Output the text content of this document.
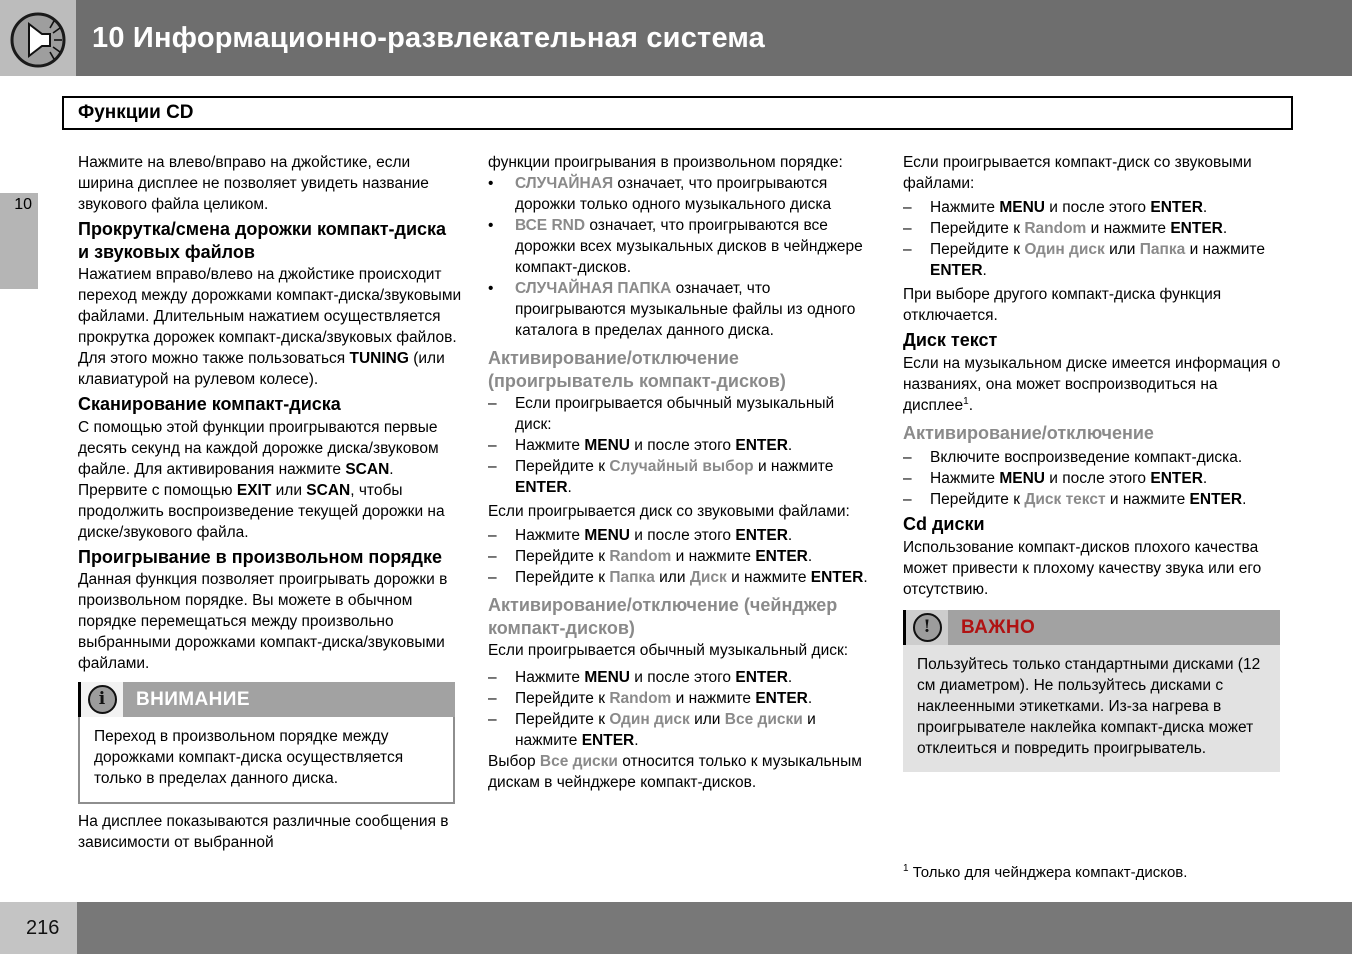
10 Информационно-развлекательная система
Функции CD
10

Нажмите на влево/вправо на джойстике, если ширина дисплее не позволяет увидеть название звукового файла целиком.

Прокрутка/смена дорожки компакт-диска и звуковых файлов

Нажатием вправо/влево на джойстике происходит переход между дорожками компакт-диска/звуковыми файлами. Длительным нажатием осуществляется прокрутка дорожек компакт-диска/звуковых файлов. Для этого можно также пользоваться TUNING (или клавиатурой на рулевом колесе).

Сканирование компакт-диска

С помощью этой функции проигрываются первые десять секунд на каждой дорожке диска/звуковом файле. Для активирования нажмите SCAN. Прервите с помощью EXIT или SCAN, чтобы продолжить воспроизведение текущей дорожки на диске/звукового файла.

Проигрывание в произвольном порядке

Данная функция позволяет проигрывать дорожки в произвольном порядке. Вы можете в обычном порядке перемещаться между произвольно выбранными дорожками компакт-диска/звуковыми файлами.

i	ВНИМАНИЕ
Переход в произвольном порядке между дорожками компакт-диска осуществляется только в пределах данного диска.

На дисплее показываются различные сообщения в зависимости от выбранной

функции проигрывания в произвольном порядке:

•	СЛУЧАЙНАЯ означает, что проигрываются дорожки только одного музыкального диска
•	ВСЕ RND означает, что проигрываются все дорожки всех музыкальных дисков в чейнджере компакт-дисков.
•	СЛУЧАЙНАЯ ПАПКА означает, что проигрываются музыкальные файлы из одного каталога в пределах данного диска.
Активирование/отключение (проигрыватель компакт-дисков)
–	Если проигрывается обычный музыкальный диск:
–	Нажмите MENU и после этого ENTER.
–	Перейдите к Случайный выбор и нажмите ENTER.

Если проигрывается диск со звуковыми файлами:

–	Нажмите MENU и после этого ENTER.
–	Перейдите к Random и нажмите ENTER.
–	Перейдите к Папка или Диск и нажмите ENTER.
Активирование/отключение (чейнджер компакт-дисков)

Если проигрывается обычный музыкальный диск:

–	Нажмите MENU и после этого ENTER.
–	Перейдите к Random и нажмите ENTER.
–	Перейдите к Один диск или Все диски и нажмите ENTER.

Выбор Все диски относится только к музыкальным дискам в чейнджере компакт-дисков.

Если проигрывается компакт-диск со звуковыми файлами:

–	Нажмите MENU и после этого ENTER.
–	Перейдите к Random и нажмите ENTER.
–	Перейдите к Один диск или Папка и нажмите ENTER.

При выборе другого компакт-диска функция отключается.

Диск текст

Если на музыкальном диске имеется информация о названиях, она может воспроизводиться на дисплее$^1$.

Активирование/отключение
–	Включите воспроизведение компакт-диска.
–	Нажмите MENU и после этого ENTER.
–	Перейдите к Диск текст и нажмите ENTER.
Cd диски

Использование компакт-дисков плохого качества может привести к плохому качеству звука или его отсутствию.

!	ВАЖНО
Пользуйтесь только стандартными дисками (12 см диаметром). Не пользуйтесь дисками с наклеенными этикетками. Из-за нагрева в проигрывателе наклейка компакт-диска может отклеиться и повредить проигрыватель.
$^1$ Только для чейнджера компакт-дисков.
216
